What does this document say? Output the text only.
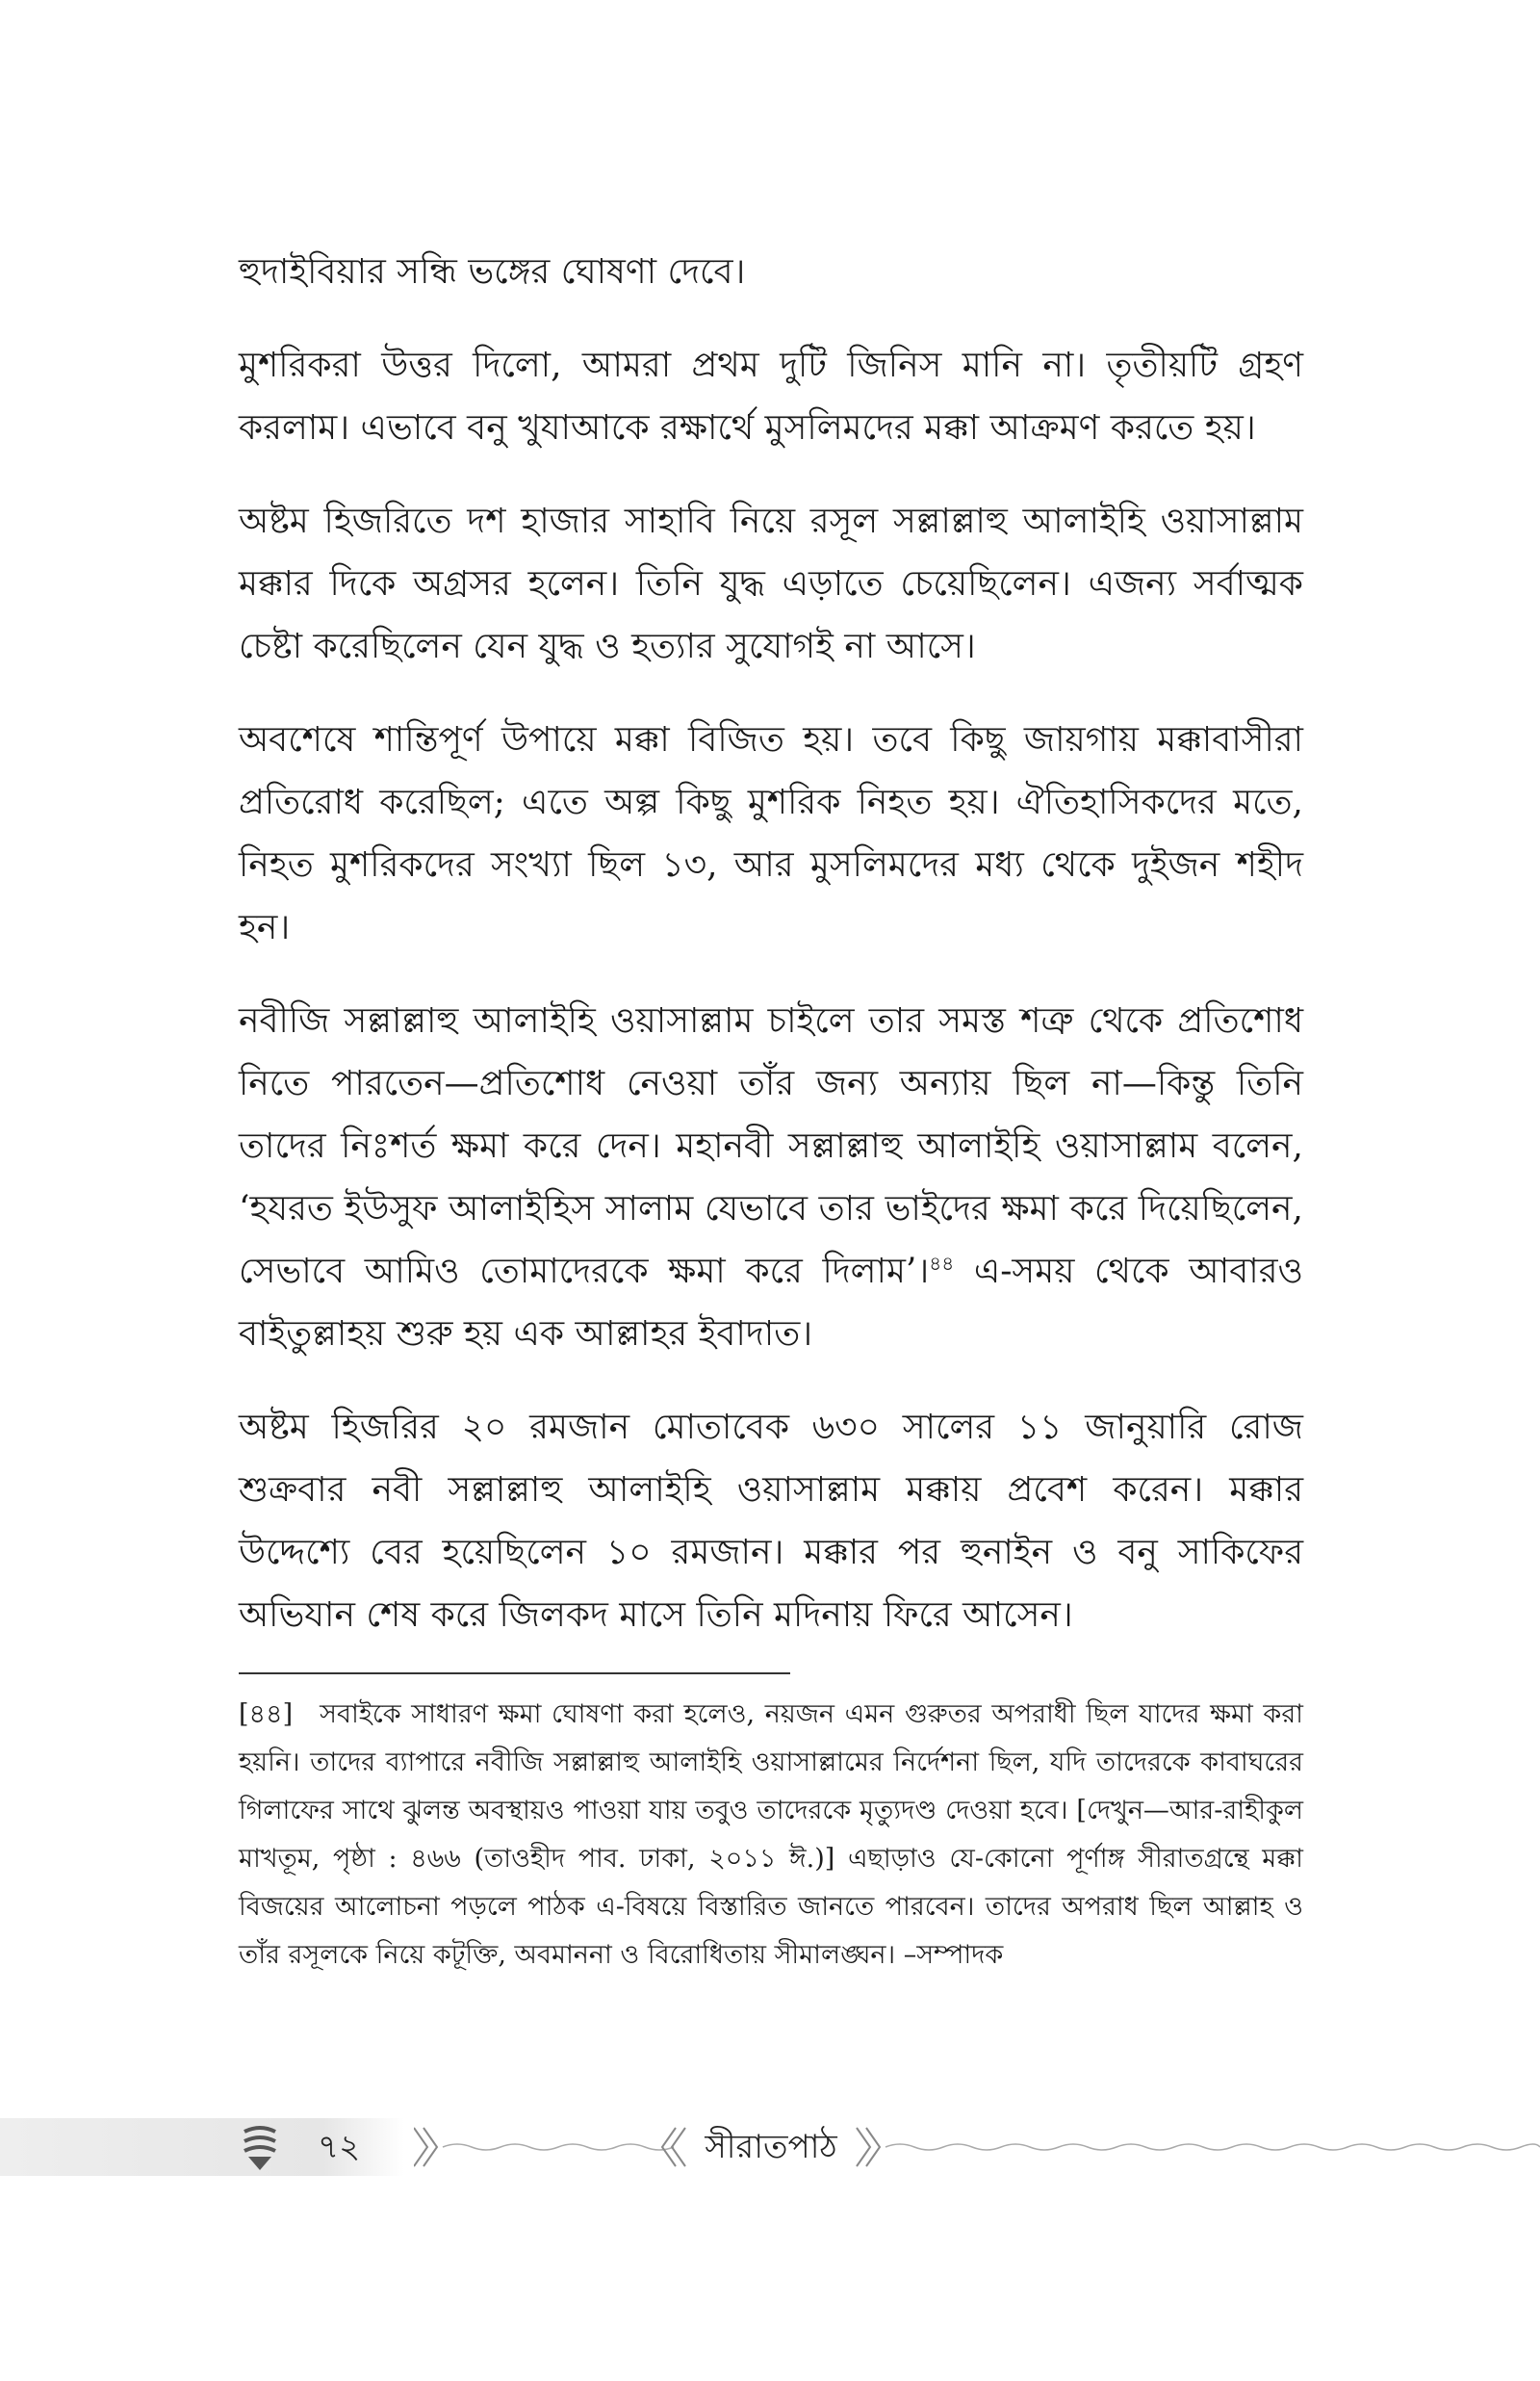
হুদাইবিয়ার সন্ধি ভঙ্গের ঘোষণা দেবে।

মুশরিকরা উত্তর দিলো, আমরা প্রথম দুটি জিনিস মানি না। তৃতীয়টি গ্রহণ করলাম। এভাবে বনু খুযাআকে রক্ষার্থে মুসলিমদের মক্কা আক্রমণ করতে হয়।

অষ্টম হিজরিতে দশ হাজার সাহাবি নিয়ে রসূল সল্লাল্লাহু আলাইহি ওয়াসাল্লাম মক্কার দিকে অগ্রসর হলেন। তিনি যুদ্ধ এড়াতে চেয়েছিলেন। এজন্য সর্বাত্মক চেষ্টা করেছিলেন যেন যুদ্ধ ও হত্যার সুযোগই না আসে।

অবশেষে শান্তিপূর্ণ উপায়ে মক্কা বিজিত হয়। তবে কিছু জায়গায় মক্কাবাসীরা প্রতিরোধ করেছিল; এতে অল্প কিছু মুশরিক নিহত হয়। ঐতিহাসিকদের মতে, নিহত মুশরিকদের সংখ্যা ছিল ১৩, আর মুসলিমদের মধ্য থেকে দুইজন শহীদ হন।

নবীজি সল্লাল্লাহু আলাইহি ওয়াসাল্লাম চাইলে তার সমস্ত শত্রু থেকে প্রতিশোধ নিতে পারতেন—প্রতিশোধ নেওয়া তাঁর জন্য অন্যায় ছিল না—কিন্তু তিনি তাদের নিঃশর্ত ক্ষমা করে দেন। মহানবী সল্লাল্লাহু আলাইহি ওয়াসাল্লাম বলেন, ‘হযরত ইউসুফ আলাইহিস সালাম যেভাবে তার ভাইদের ক্ষমা করে দিয়েছিলেন, সেভাবে আমিও তোমাদেরকে ক্ষমা করে দিলাম’।$^{৪৪}$ এ-সময় থেকে আবারও বাইতুল্লাহয় শুরু হয় এক আল্লাহর ইবাদাত।

অষ্টম হিজরির ২০ রমজান মোতাবেক ৬৩০ সালের ১১ জানুয়ারি রোজ শুক্রবার নবী সল্লাল্লাহু আলাইহি ওয়াসাল্লাম মক্কায় প্রবেশ করেন। মক্কার উদ্দেশ্যে বের হয়েছিলেন ১০ রমজান। মক্কার পর হুনাইন ও বনু সাকিফের অভিযান শেষ করে জিলকদ মাসে তিনি মদিনায় ফিরে আসেন।

[৪৪] সবাইকে সাধারণ ক্ষমা ঘোষণা করা হলেও, নয়জন এমন গুরুতর অপরাধী ছিল যাদের ক্ষমা করা হয়নি। তাদের ব্যাপারে নবীজি সল্লাল্লাহু আলাইহি ওয়াসাল্লামের নির্দেশনা ছিল, যদি তাদেরকে কাবাঘরের গিলাফের সাথে ঝুলন্ত অবস্থায়ও পাওয়া যায় তবুও তাদেরকে মৃত্যুদণ্ড দেওয়া হবে। [দেখুন—আর-রাহীকুল মাখতূম, পৃষ্ঠা : ৪৬৬ (তাওহীদ পাব. ঢাকা, ২০১১ ঈ.)] এছাড়াও যে-কোনো পূর্ণাঙ্গ সীরাতগ্রন্থে মক্কা বিজয়ের আলোচনা পড়লে পাঠক এ-বিষয়ে বিস্তারিত জানতে পারবেন। তাদের অপরাধ ছিল আল্লাহ ও তাঁর রসূলকে নিয়ে কটূক্তি, অবমাননা ও বিরোধিতায় সীমালঙ্ঘন। –সম্পাদক

৭২	সীরাতপাঠ
